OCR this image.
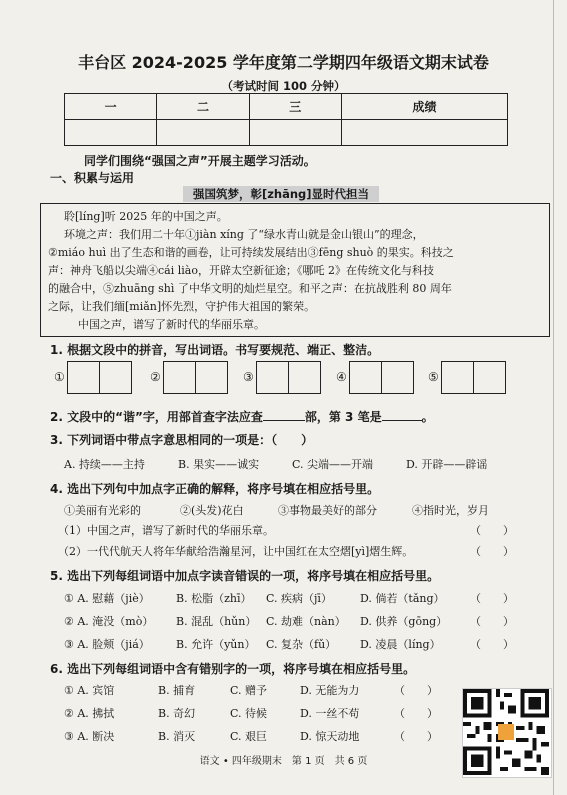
丰台区 2024-2025 学年度第二学期四年级语文期末试卷
（考试时间 100 分钟）
一	二	三	成绩

同学们围绕“强国之声”开展主题学习活动。
一、积累与运用
强国筑梦，彰[zhāng]显时代担当
聆[líng]听 2025 年的中国之声。
环境之声：我们用二十年①jiàn xíng 了“绿水青山就是金山银山”的理念，
②miáo huì 出了生态和谐的画卷，让可持续发展结出③fēng shuò 的果实。科技之
声：神舟飞船以尖端④cái liào，开辟太空新征途；《哪吒 2》在传统文化与科技
的融合中，⑤zhuāng shì 了中华文明的灿烂星空。和平之声：在抗战胜利 80 周年
之际，让我们缅[miǎn]怀先烈，守护伟大祖国的繁荣。
中国之声，谱写了新时代的华丽乐章。
1. 根据文段中的拼音，写出词语。书写要规范、端正、整洁。
①	②	③	④	⑤
2. 文段中的“谐”字，用部首查字法应查	部，第 3 笔是	。
3. 下列词语中带点字意思相同的一项是：（　　）
A. 持续——主持	B. 果实——诚实	C. 尖端——开端	D. 开辟——辟谣
4. 选出下列句中加点字正确的解释，将序号填在相应括号里。
①美丽有光彩的	②(头发)花白	③事物最美好的部分	④指时光，岁月
（1）中国之声，谱写了新时代的华丽乐章。	（　　）
（2）一代代航天人将年华献给浩瀚星河，让中国红在太空熠[yì]熠生辉。	（　　）
5. 选出下列每组词语中加点字读音错误的一项，将序号填在相应括号里。
① A. 慰藉（jiè） B. 松脂（zhī） C. 疾病（jī）	D. 倘若（tǎng） （　　）
② A. 淹没（mò） B. 混乱（hǔn） C. 劫难（nàn） D. 供养（gōng） （　　）
③ A. 脸颊（jiá） B. 允许（yǔn） C. 复杂（fǔ） D. 凌晨（líng）	（　　）
6. 选出下列每组词语中含有错别字的一项，将序号填在相应括号里。
① A. 宾馆	B. 捕育	C. 赠予	D. 无能为力	（　　）
② A. 拂拭	B. 奇幻	C. 待候	D. 一丝不苟	（　　）
③ A. 断决	B. 消灭	C. 艰巨	D. 惊天动地	（　　）
语文 • 四年级期末　第 1 页　共 6 页
